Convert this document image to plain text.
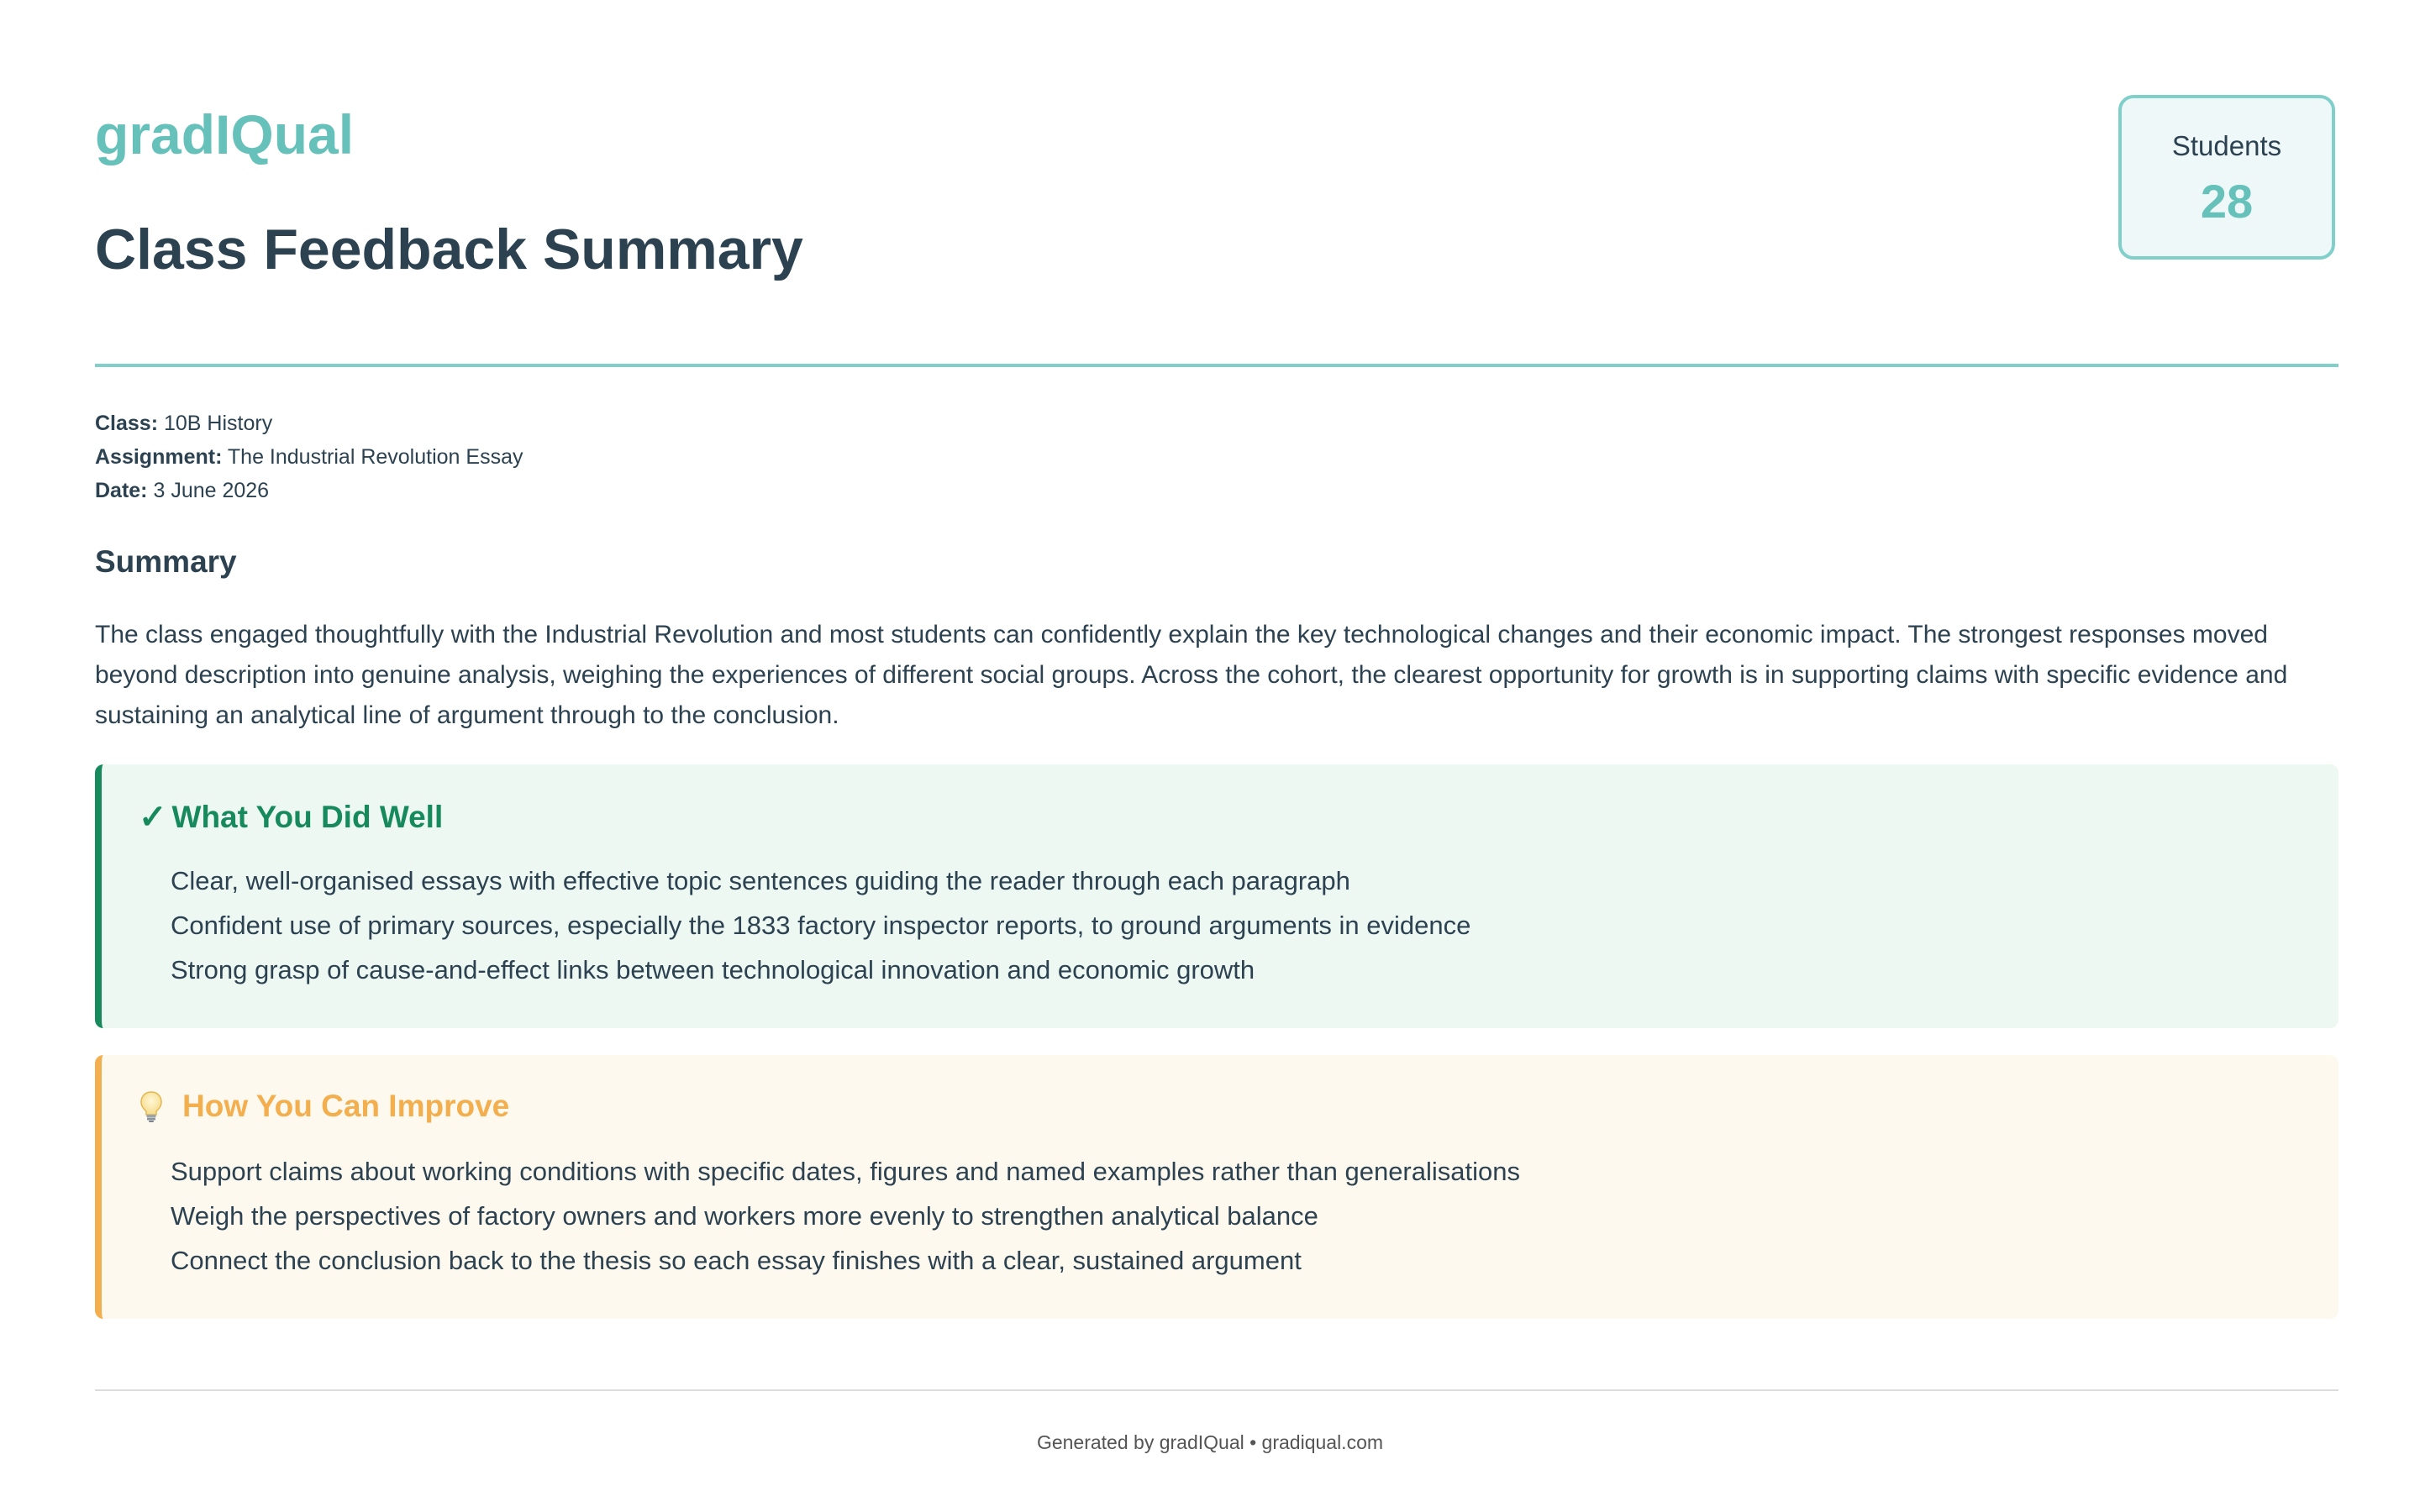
gradIQual
Class Feedback Summary
Students
28
Class: 10B History
Assignment: The Industrial Revolution Essay
Date: 3 June 2026
Summary
The class engaged thoughtfully with the Industrial Revolution and most students can confidently explain the key technological changes and their economic impact. The strongest responses moved beyond description into genuine analysis, weighing the experiences of different social groups. Across the cohort, the clearest opportunity for growth is in supporting claims with specific evidence and sustaining an analytical line of argument through to the conclusion.
✓ What You Did Well
Clear, well-organised essays with effective topic sentences guiding the reader through each paragraph
Confident use of primary sources, especially the 1833 factory inspector reports, to ground arguments in evidence
Strong grasp of cause-and-effect links between technological innovation and economic growth
How You Can Improve
Support claims about working conditions with specific dates, figures and named examples rather than generalisations
Weigh the perspectives of factory owners and workers more evenly to strengthen analytical balance
Connect the conclusion back to the thesis so each essay finishes with a clear, sustained argument
Generated by gradIQual • gradiqual.com
